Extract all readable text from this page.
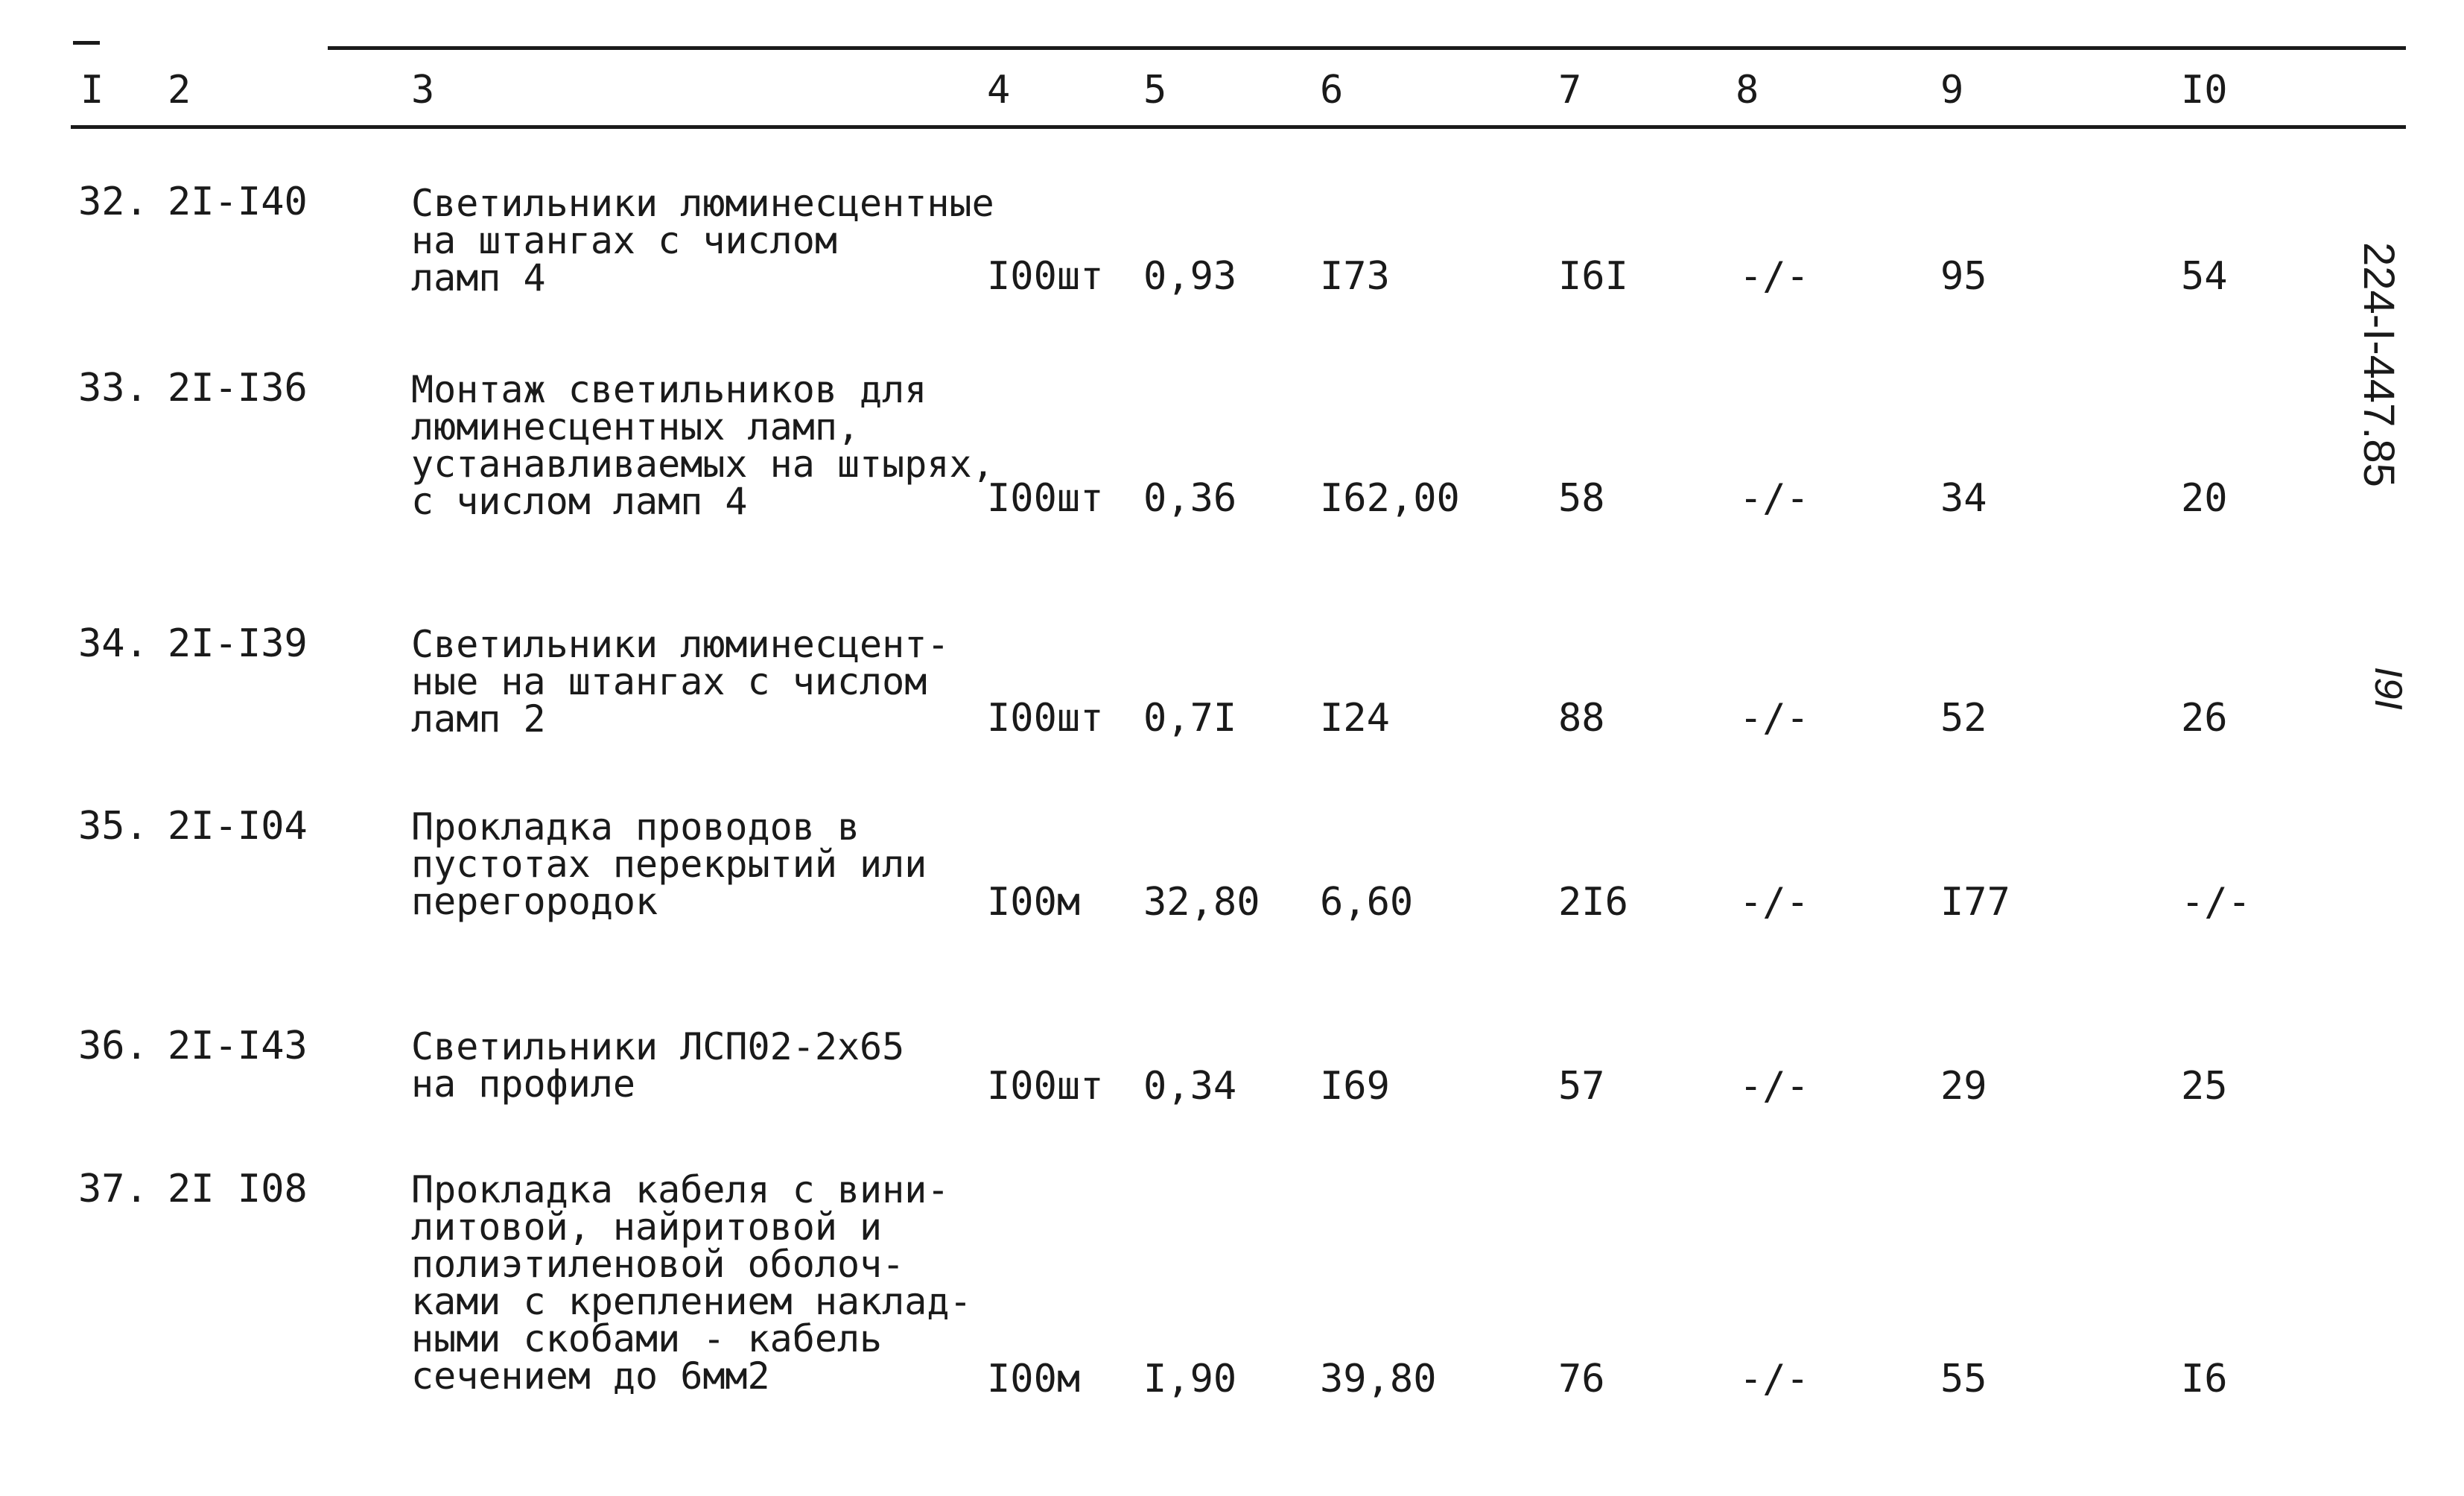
I 2	3	4	5	6	7	8	9	I0
32. 2I-I40	Светильники люминесцентные
на штангах с числом
ламп 4	I00шт 0,93 I73	I6I	-/-	95	54
33. 2I-I36	Монтаж светильников для
люминесцентных ламп,
устанавливаемых на штырях,
с числом ламп 4	I00шт 0,36 I62,00	58	-/-	34	20
34. 2I-I39	Светильники люминесцент-
ные на штангах с числом
ламп 2	I00шт 0,7I I24	88	-/-	52	26
35. 2I-I04	Прокладка проводов в
пустотах перекрытий или
перегородок	I00м 32,80 6,60	2I6	-/-	I77	-/-
36. 2I-I43	Светильники ЛСП02-2х65
на профиле	I00шт 0,34 I69	57	-/-	29	25
37. 2I I08	Прокладка кабеля с вини-
литовой, найритовой и
полиэтиленовой оболоч-
ками с креплением наклад-
ными скобами - кабель
сечением до 6мм2	I00м I,90 39,80	76	-/-	55	I6
224-I-447.85
I9I
